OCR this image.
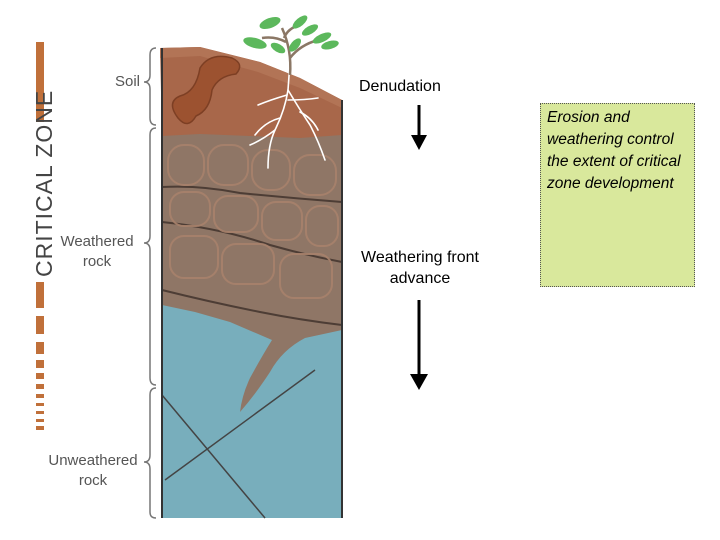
CRITICAL ZONE
Soil
Weathered
rock
Unweathered
rock
Denudation
Weathering front
advance
Erosion and weathering control the extent of critical zone development
